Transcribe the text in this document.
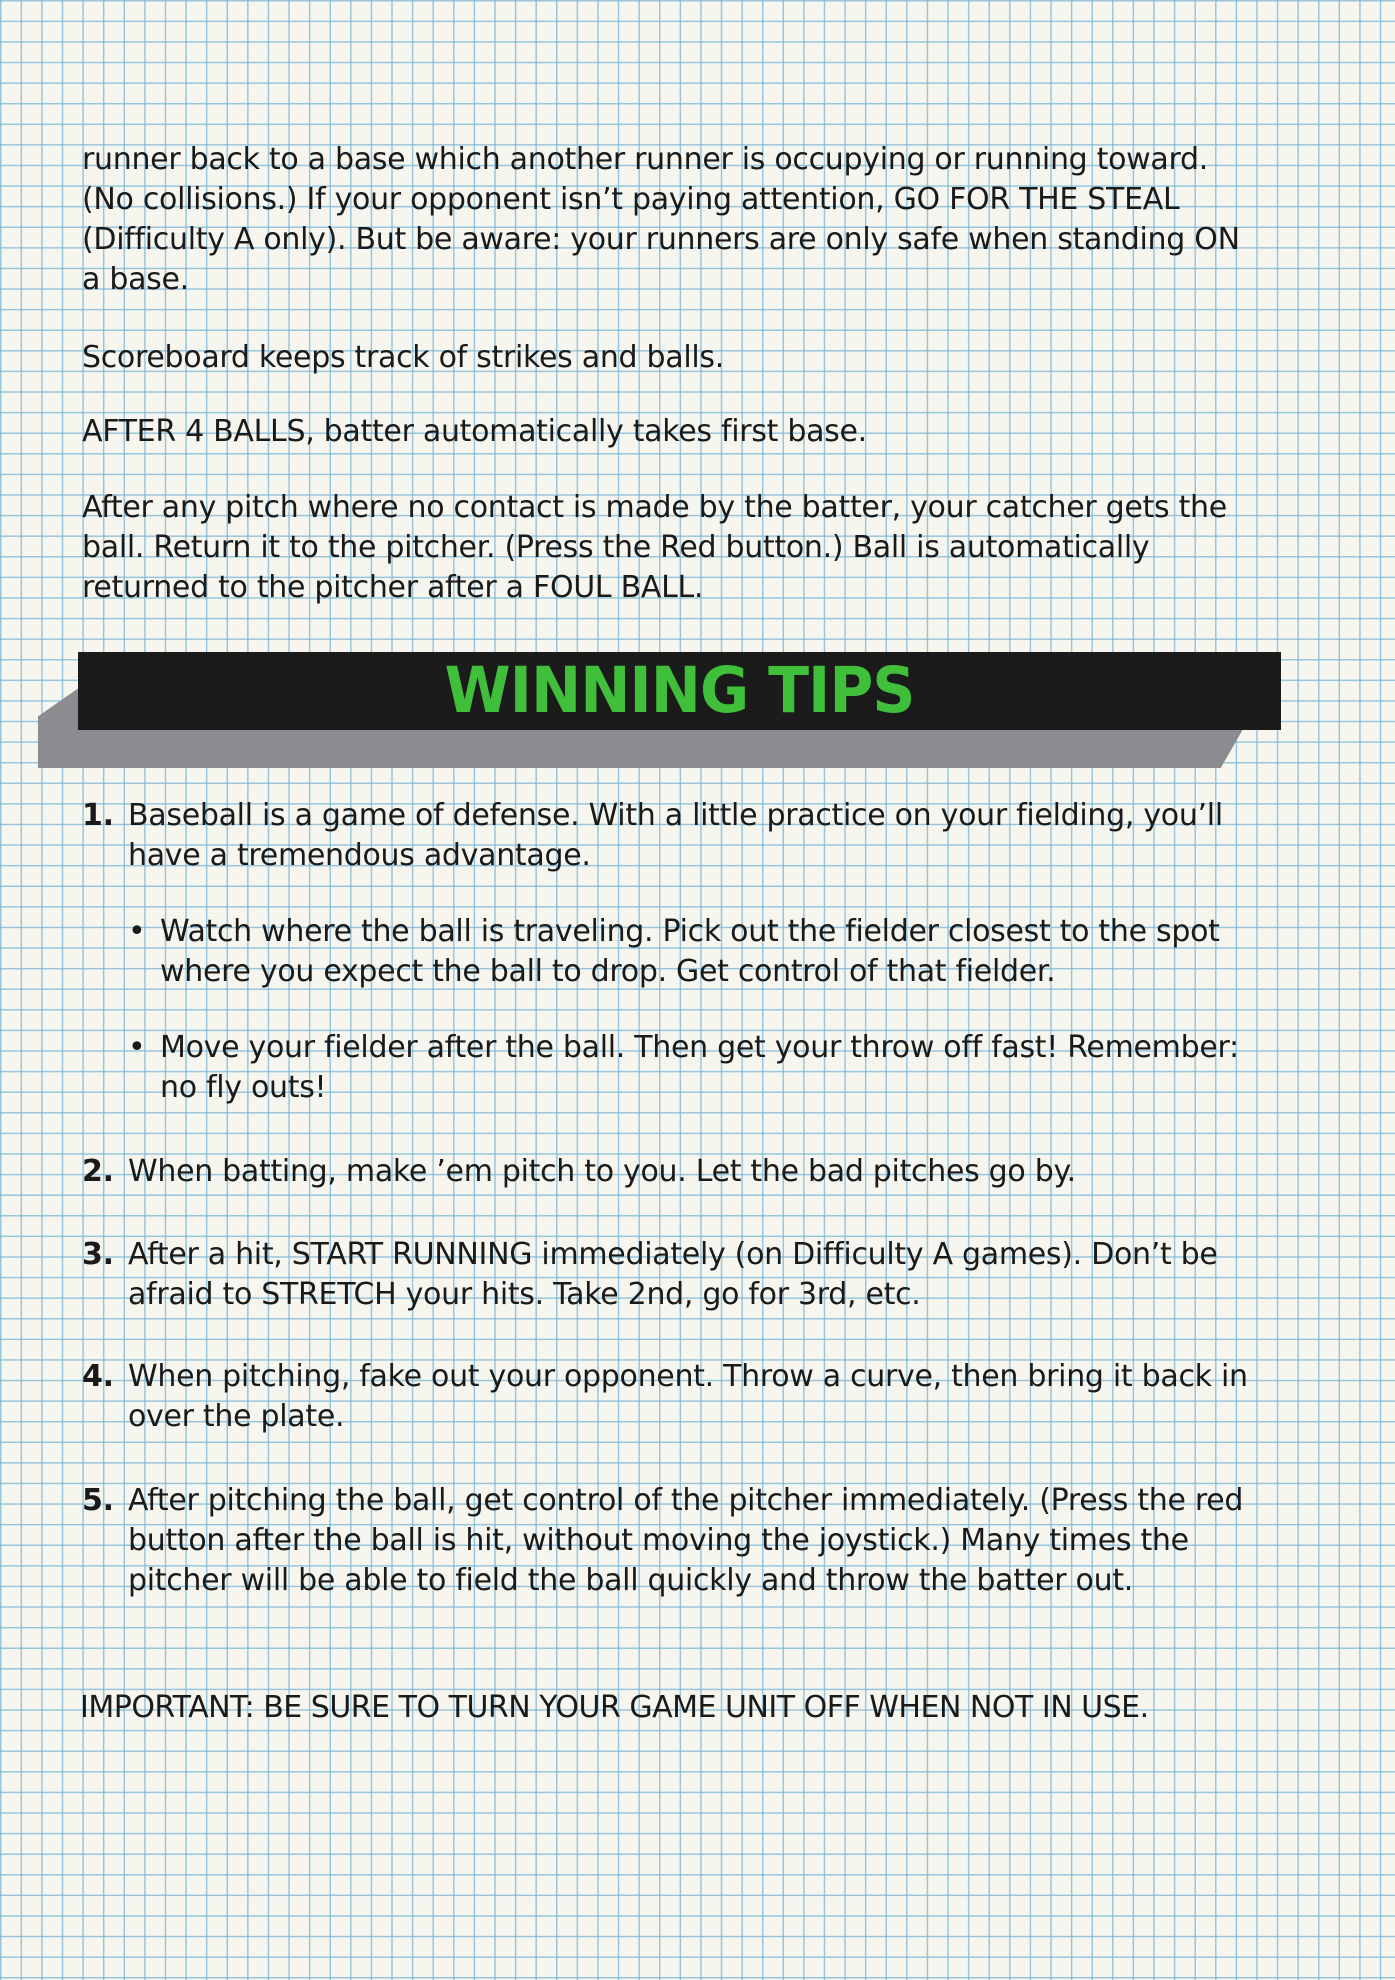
runner back to a base which another runner is occupying or running toward. (No collisions.) If your opponent isn’t paying attention, GO FOR THE STEAL (Difficulty A only). But be aware: your runners are only safe when standing ON a base.

Scoreboard keeps track of strikes and balls.

AFTER 4 BALLS, batter automatically takes first base.

After any pitch where no contact is made by the batter, your catcher gets the ball. Return it to the pitcher. (Press the Red button.) Ball is automatically returned to the pitcher after a FOUL BALL.

WINNING TIPS
1. Baseball is a game of defense. With a little practice on your fielding, you’ll have a tremendous advantage.
• Watch where the ball is traveling. Pick out the fielder closest to the spot where you expect the ball to drop. Get control of that fielder.
• Move your fielder after the ball. Then get your throw off fast! Remember: no fly outs!
2. When batting, make ’em pitch to you. Let the bad pitches go by.
3. After a hit, START RUNNING immediately (on Difficulty A games). Don’t be afraid to STRETCH your hits. Take 2nd, go for 3rd, etc.
4. When pitching, fake out your opponent. Throw a curve, then bring it back in over the plate.
5. After pitching the ball, get control of the pitcher immediately. (Press the red button after the ball is hit, without moving the joystick.) Many times the pitcher will be able to field the ball quickly and throw the batter out.

IMPORTANT: BE SURE TO TURN YOUR GAME UNIT OFF WHEN NOT IN USE.
